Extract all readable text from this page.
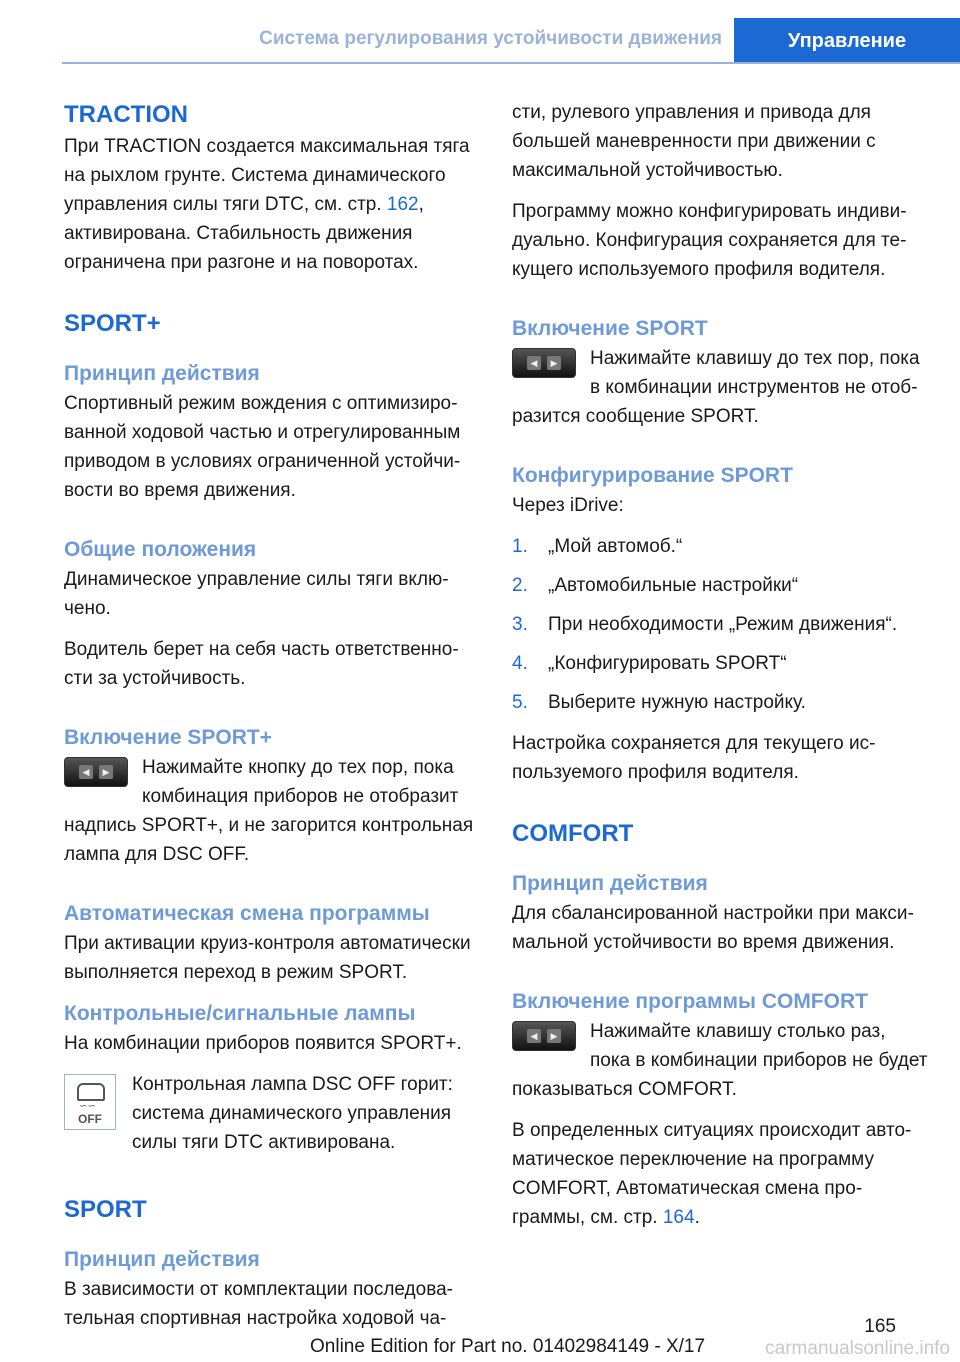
Система регулирования устойчивости движения	Управление
TRACTION

При TRACTION создается максимальная тяга на рыхлом грунте. Система динамического управления силы тяги DTC, см. стр. 162, активирована. Стабильность движения ограничена при разгоне и на поворотах.

SPORT+
Принцип действия

Спортивный режим вождения с оптимизированной ходовой частью и отрегулированным приводом в условиях ограниченной устойчивости во время движения.

Общие положения

Динамическое управление силы тяги включено.

Водитель берет на себя часть ответственности за устойчивость.

Включение SPORT+
◀	▶	Нажимайте кнопку до тех пор, пока комбинация приборов не отобразит надпись SPORT+, и не загорится контрольная лампа для DSC OFF.

Автоматическая смена программы

При активации круиз-контроля автоматически выполняется переход в режим SPORT.

Контрольные/сигнальные лампы

На комбинации приборов появится SPORT+.

∽∽
OFF

Контрольная лампа DSC OFF горит: система динамического управления силы тяги DTC активирована.

SPORT
Принцип действия

В зависимости от комплектации последовательная спортивная настройка ходовой ча-

сти, рулевого управления и привода для большей маневренности при движении с максимальной устойчивостью.

Программу можно конфигурировать индивидуально. Конфигурация сохраняется для текущего используемого профиля водителя.

Включение SPORT
◀	▶	Нажимайте клавишу до тех пор, пока в комбинации инструментов не отобразится сообщение SPORT.

Конфигурирование SPORT

Через iDrive:

1. „Мой автомоб.“
2. „Автомобильные настройки“
3. При необходимости „Режим движения“.
4. „Конфигурировать SPORT“
5. Выберите нужную настройку.

Настройка сохраняется для текущего используемого профиля водителя.

COMFORT
Принцип действия

Для сбалансированной настройки при максимальной устойчивости во время движения.

Включение программы COMFORT
◀	▶	Нажимайте клавишу столько раз, пока в комбинации приборов не будет показываться COMFORT.

В определенных ситуациях происходит автоматическое переключение на программу COMFORT, Автоматическая смена программы, см. стр. 164.

165
carmanualsonline.info
Online Edition for Part no. 01402984149 - X/17
